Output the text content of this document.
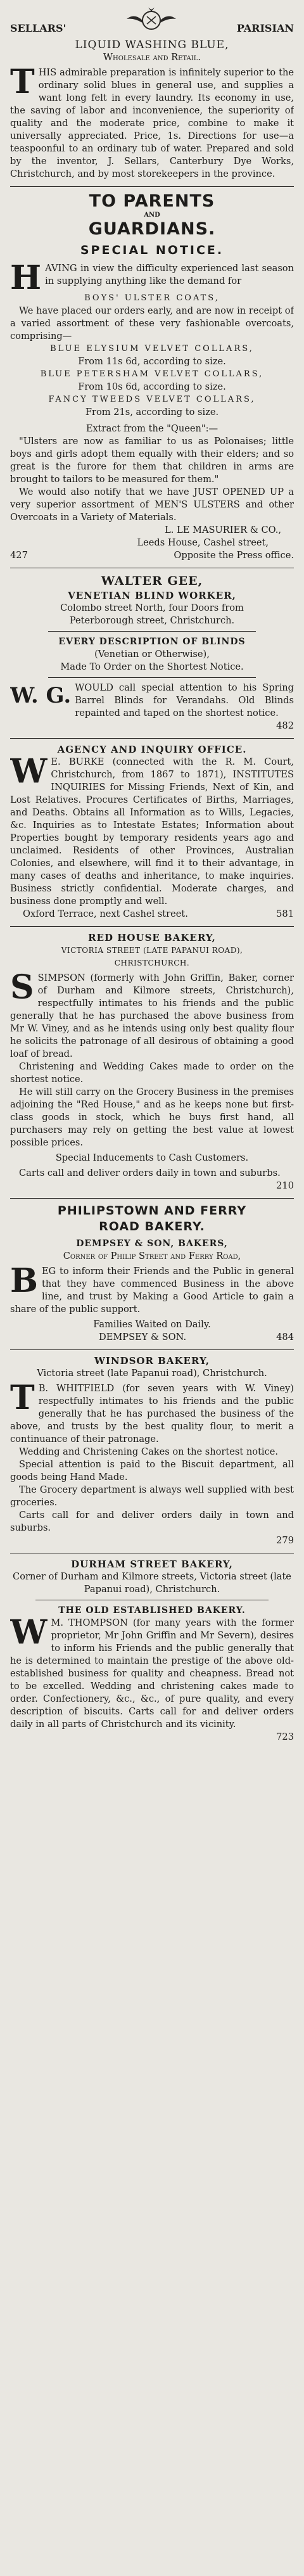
SELLARS'	PARISIAN
LIQUID WASHING BLUE,
Wholesale and Retail.
THIS admirable preparation is infinitely superior to the ordinary solid blues in general use, and supplies a want long felt in every laundry. Its economy in use, the saving of labor and inconvenience, the superiority of quality and the moderate price, combine to make it universally appreciated. Price, 1s. Directions for use—a teaspoonful to an ordinary tub of water. Prepared and sold by the inventor, J. Sellars, Canterbury Dye Works, Christchurch, and by most storekeepers in the province.
TO PARENTS
AND
GUARDIANS.
SPECIAL NOTICE.
HAVING in view the difficulty experienced last season in supplying anything like the demand for
BOYS' ULSTER COATS,
We have placed our orders early, and are now in receipt of a varied assortment of these very fashionable overcoats, comprising—
BLUE ELYSIUM VELVET COLLARS,
From 11s 6d, according to size.
BLUE PETERSHAM VELVET COLLARS,
From 10s 6d, according to size.
FANCY TWEEDS VELVET COLLARS,
From 21s, according to size.
Extract from the "Queen":—
"Ulsters are now as familiar to us as Polonaises; little boys and girls adopt them equally with their elders; and so great is the furore for them that children in arms are brought to tailors to be measured for them."
We would also notify that we have JUST OPENED UP a very superior assortment of MEN'S ULSTERS and other Overcoats in a Variety of Materials.
L. LE MASURIER & CO.,
Leeds House, Cashel street,
427	Opposite the Press office.
WALTER GEE,
VENETIAN BLIND WORKER,
Colombo street North, four Doors from
Peterborough street, Christchurch.
EVERY DESCRIPTION OF BLINDS
(Venetian or Otherwise),
Made To Order on the Shortest Notice.
W. G. WOULD call special attention to his Spring Barrel Blinds for Verandahs. Old Blinds repainted and taped on the shortest notice.
482
AGENCY AND INQUIRY OFFICE.
W E. BURKE (connected with the R. M. Court, Christchurch, from 1867 to 1871), INSTITUTES INQUIRIES for Missing Friends, Next of Kin, and Lost Relatives. Procures Certificates of Births, Marriages, and Deaths. Obtains all Information as to Wills, Legacies, &c. Inquiries as to Intestate Estates; Information about Properties bought by temporary residents years ago and unclaimed. Residents of other Provinces, Australian Colonies, and elsewhere, will find it to their advantage, in many cases of deaths and inheritance, to make inquiries. Business strictly confidential. Moderate charges, and business done promptly and well.
Oxford Terrace, next Cashel street.	581
RED HOUSE BAKERY,
VICTORIA STREET (LATE PAPANUI ROAD),
CHRISTCHURCH.
SSIMPSON (formerly with John Griffin, Baker, corner of Durham and Kilmore streets, Christchurch), respectfully intimates to his friends and the public generally that he has purchased the above business from Mr W. Viney, and as he intends using only best quality flour he solicits the patronage of all desirous of obtaining a good loaf of bread.
Christening and Wedding Cakes made to order on the shortest notice.
He will still carry on the Grocery Business in the premises adjoining the "Red House," and as he keeps none but first-class goods in stock, which he buys first hand, all purchasers may rely on getting the best value at lowest possible prices.
Special Inducements to Cash Customers.
Carts call and deliver orders daily in town and suburbs.
210
PHILIPSTOWN AND FERRY
ROAD BAKERY.
DEMPSEY & SON, BAKERS,
Corner of Philip Street and Ferry Road,
BEG to inform their Friends and the Public in general that they have commenced Business in the above line, and trust by Making a Good Article to gain a share of the public support.
Families Waited on Daily.
DEMPSEY & SON.	484
WINDSOR BAKERY,
Victoria street (late Papanui road), Christchurch.
T B. WHITFIELD (for seven years with W. Viney) respectfully intimates to his friends and the public generally that he has purchased the business of the above, and trusts by the best quality flour, to merit a continuance of their patronage.
Wedding and Christening Cakes on the shortest notice.
Special attention is paid to the Biscuit department, all goods being Hand Made.
The Grocery department is always well supplied with best groceries.
Carts call for and deliver orders daily in town and suburbs.
279
DURHAM STREET BAKERY,
Corner of Durham and Kilmore streets, Victoria street (late Papanui road), Christchurch.
THE OLD ESTABLISHED BAKERY.
W M. THOMPSON (for many years with the former proprietor, Mr John Griffin and Mr Severn), desires to inform his Friends and the public generally that he is determined to maintain the prestige of the above old-established business for quality and cheapness. Bread not to be excelled. Wedding and christening cakes made to order. Confectionery, &c., &c., of pure quality, and every description of biscuits. Carts call for and deliver orders daily in all parts of Christchurch and its vicinity.
723
